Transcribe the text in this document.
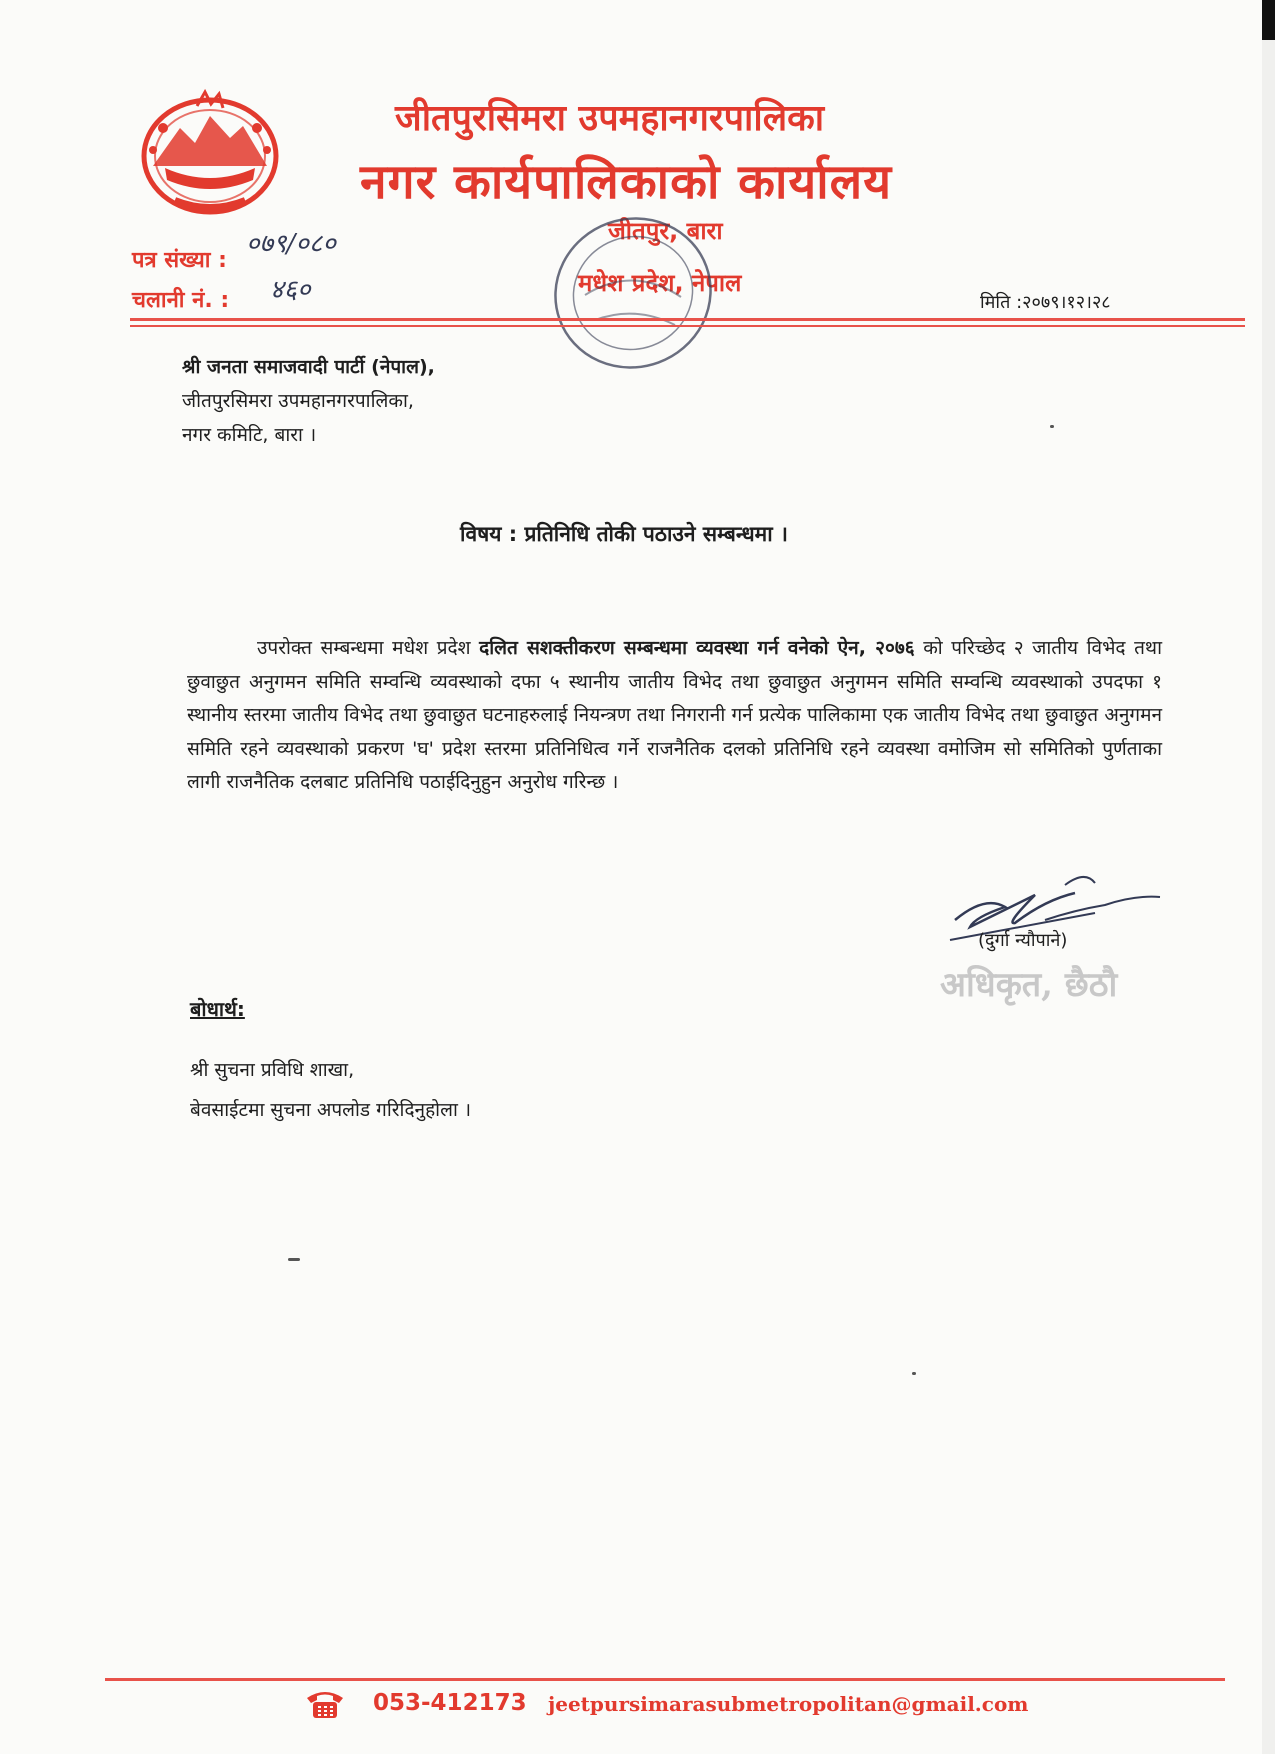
जीतपुरसिमरा उपमहानगरपालिका
नगर कार्यपालिकाको कार्यालय
जीतपुर, बारा
मधेश प्रदेश, नेपाल
पत्र संख्या :
०७९/०८०
चलानी नं. : ४६०	मिति :२०७९।१२।२८
श्री जनता समाजवादी पार्टी (नेपाल),
जीतपुरसिमरा उपमहानगरपालिका,
नगर कमिटि, बारा ।
विषय : प्रतिनिधि तोकी पठाउने सम्बन्धमा ।
उपरोक्त सम्बन्धमा मधेश प्रदेश दलित सशक्तीकरण सम्बन्धमा व्यवस्था गर्न वनेको ऐन, २०७६ को परिच्छेद २ जातीय विभेद तथा छुवाछुत अनुगमन समिति सम्वन्धि व्यवस्थाको दफा ५ स्थानीय जातीय विभेद तथा छुवाछुत अनुगमन समिति सम्वन्धि व्यवस्थाको उपदफा १ स्थानीय स्तरमा जातीय विभेद तथा छुवाछुत घटनाहरुलाई नियन्त्रण तथा निगरानी गर्न प्रत्येक पालिकामा एक जातीय विभेद तथा छुवाछुत अनुगमन समिति रहने व्यवस्थाको प्रकरण 'घ' प्रदेश स्तरमा प्रतिनिधित्व गर्ने राजनैतिक दलको प्रतिनिधि रहने व्यवस्था वमोजिम सो समितिको पुर्णताका लागी राजनैतिक दलबाट प्रतिनिधि पठाईदिनुहुन अनुरोध गरिन्छ ।
(दुर्गा न्यौपाने)
अधिकृत, छैठौ
बोधार्थ:
श्री सुचना प्रविधि शाखा,
बेवसाईटमा सुचना अपलोड गरिदिनुहोला ।
053-412173 jeetpursimarasubmetropolitan@gmail.com
